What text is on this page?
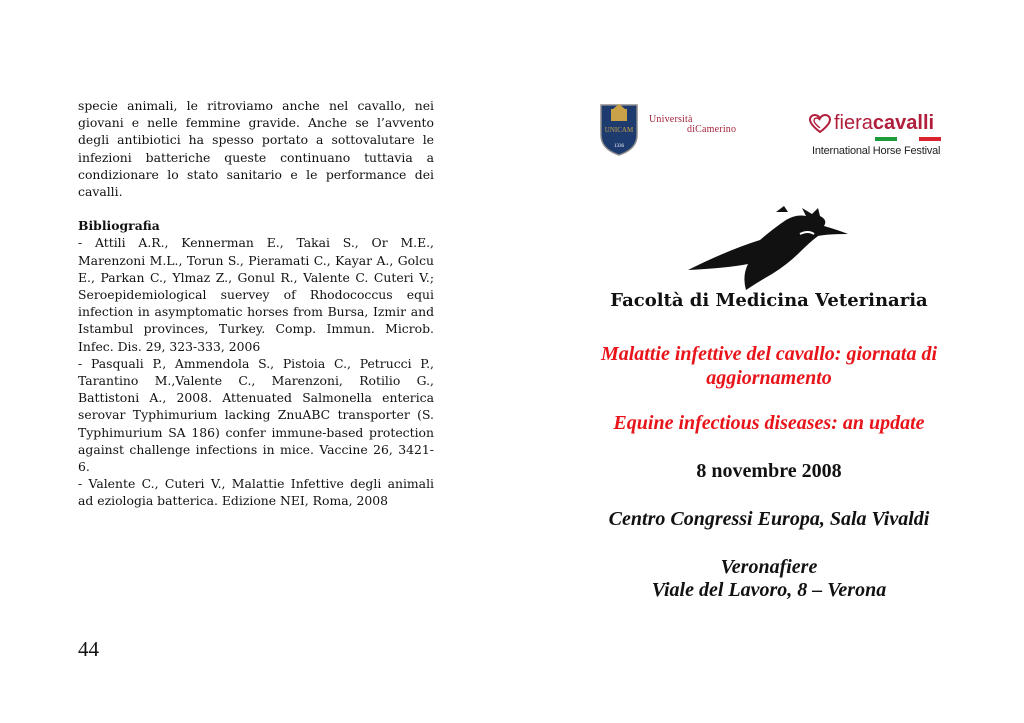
specie animali, le ritroviamo anche nel cavallo, nei giovani e nelle femmine gravide. Anche se l’avvento degli antibiotici ha spesso portato a sottovalutare le infezioni batteriche queste continuano tuttavia a condizionare lo stato sanitario e le performance dei cavalli.

Bibliografia

- Attili A.R., Kennerman E., Takai S., Or M.E., Marenzoni M.L., Torun S., Pieramati C., Kayar A., Golcu E., Parkan C., Ylmaz Z., Gonul R., Valente C. Cuteri V.; Seroepidemiological suervey of Rhodococcus equi infection in asymptomatic horses from Bursa, Izmir and Istambul provinces, Turkey. Comp. Immun. Microb. Infec. Dis. 29, 323-333, 2006

- Pasquali P., Ammendola S., Pistoia C., Petrucci P., Tarantino M.,Valente C., Marenzoni, Rotilio G., Battistoni A., 2008. Attenuated Salmonella enterica serovar Typhimurium lacking ZnuABC transporter (S. Typhimurium SA 186) confer immune-based protection against challenge infections in mice. Vaccine 26, 3421-6.

- Valente C., Cuteri V., Malattie Infettive degli animali ad eziologia batterica. Edizione NEI, Roma, 2008

44
UNICAM
1336
Università
diCamerino	fieracavalli
International Horse Festival
Facoltà di Medicina Veterinaria
Malattie infettive del cavallo: giornata di
aggiornamento
Equine infectious diseases: an update
8 novembre 2008
Centro Congressi Europa, Sala Vivaldi
Veronafiere
Viale del Lavoro, 8 – Verona
